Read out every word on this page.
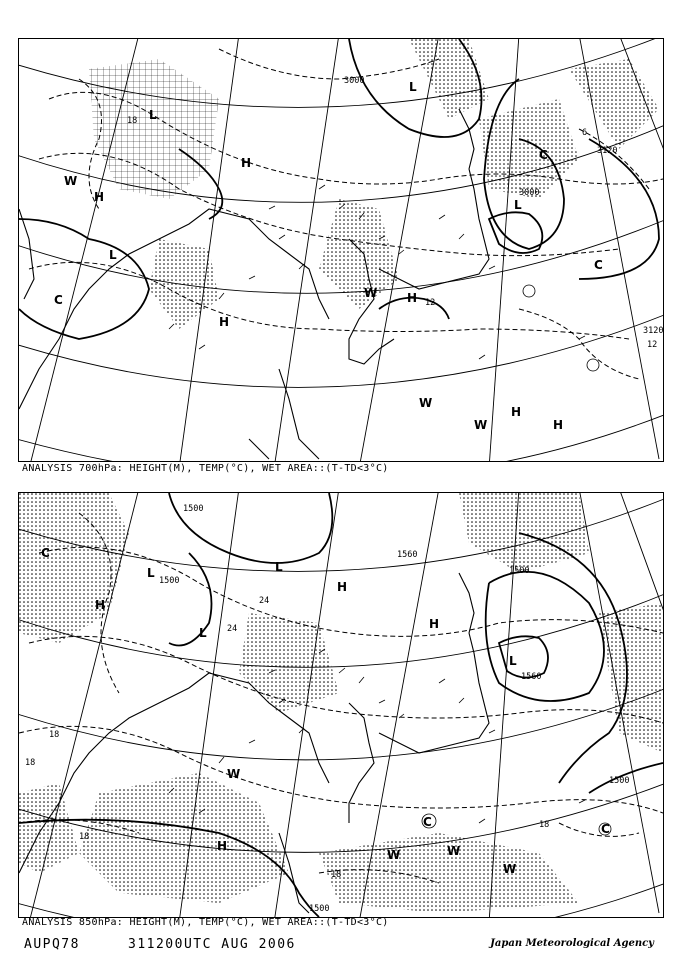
L
L
L
L
H
H
H
H
H
H
W
W
W
W
C
C
C
3000
3000
3120
3120
12
12
6
18
ANALYSIS 700hPa: HEIGHT(M), TEMP(°C), WET AREA::(T-TD<3°C)
L	L
L
L
H
H
H
H
W
W	W
W
C
C	C
1500
1500
1500
1500
1500
1560
1560
24
24
18
18
18
18
18
ANALYSIS 850hPa: HEIGHT(M), TEMP(°C), WET AREA::(T-TD<3°C)
AUPQ78	311200UTC AUG 2006	Japan Meteorological Agency
